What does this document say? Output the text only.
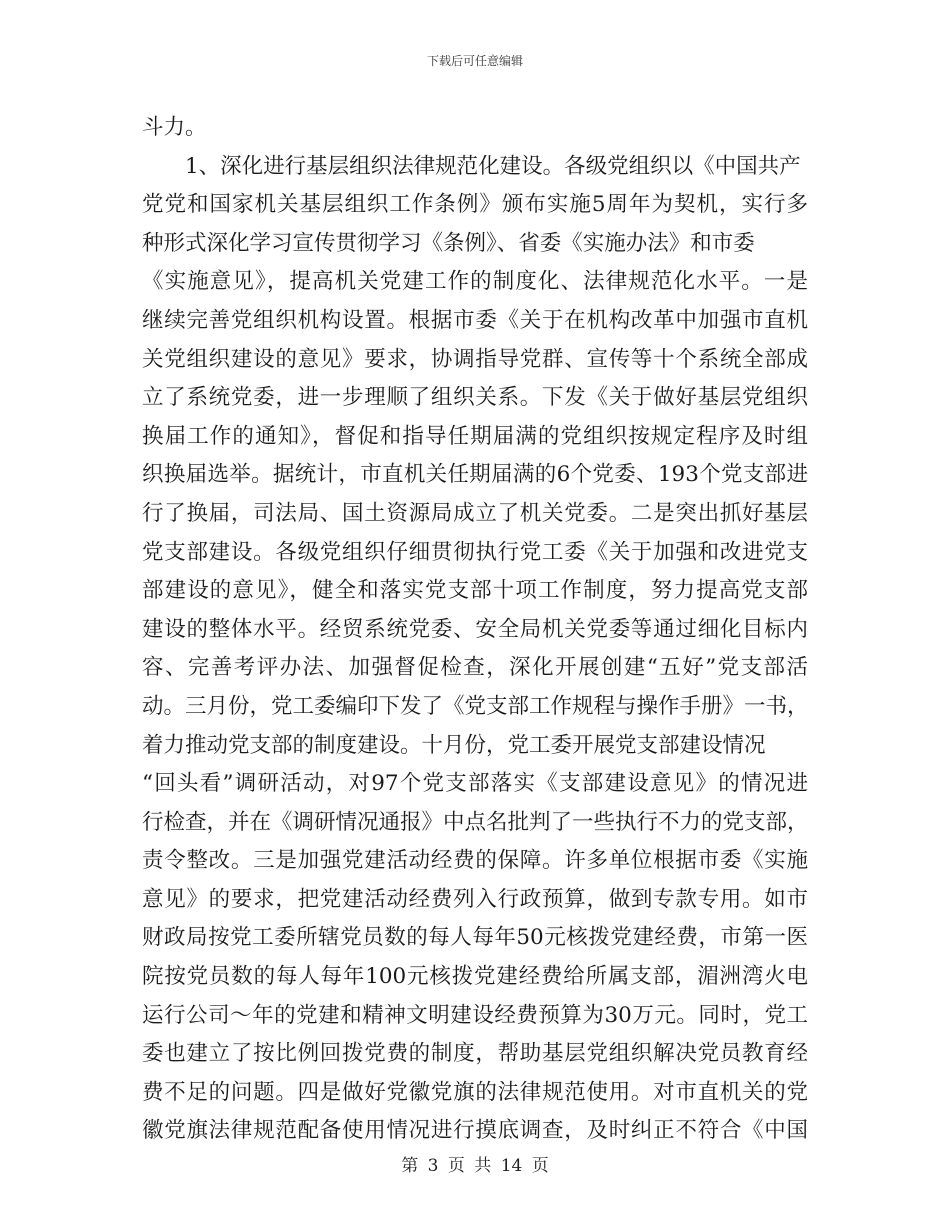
下载后可任意编辑
斗力。
　　1、深化进行基层组织法律规范化建设。各级党组织以《中国共产
党党和国家机关基层组织工作条例》颁布实施5周年为契机，实行多
种形式深化学习宣传贯彻学习《条例》、省委《实施办法》和市委
《实施意见》，提高机关党建工作的制度化、法律规范化水平。一是
继续完善党组织机构设置。根据市委《关于在机构改革中加强市直机
关党组织建设的意见》要求，协调指导党群、宣传等十个系统全部成
立了系统党委，进一步理顺了组织关系。下发《关于做好基层党组织
换届工作的通知》，督促和指导任期届满的党组织按规定程序及时组
织换届选举。据统计，市直机关任期届满的6个党委、193个党支部进
行了换届，司法局、国土资源局成立了机关党委。二是突出抓好基层
党支部建设。各级党组织仔细贯彻执行党工委《关于加强和改进党支
部建设的意见》，健全和落实党支部十项工作制度，努力提高党支部
建设的整体水平。经贸系统党委、安全局机关党委等通过细化目标内
容、完善考评办法、加强督促检查，深化开展创建“五好”党支部活
动。三月份，党工委编印下发了《党支部工作规程与操作手册》一书，
着力推动党支部的制度建设。十月份，党工委开展党支部建设情况
“回头看”调研活动，对97个党支部落实《支部建设意见》的情况进
行检查，并在《调研情况通报》中点名批判了一些执行不力的党支部，
责令整改。三是加强党建活动经费的保障。许多单位根据市委《实施
意见》的要求，把党建活动经费列入行政预算，做到专款专用。如市
财政局按党工委所辖党员数的每人每年50元核拨党建经费，市第一医
院按党员数的每人每年100元核拨党建经费给所属支部，湄洲湾火电
运行公司～年的党建和精神文明建设经费预算为30万元。同时，党工
委也建立了按比例回拨党费的制度，帮助基层党组织解决党员教育经
费不足的问题。四是做好党徽党旗的法律规范使用。对市直机关的党
徽党旗法律规范配备使用情况进行摸底调查，及时纠正不符合《中国
第 3 页 共 14 页
